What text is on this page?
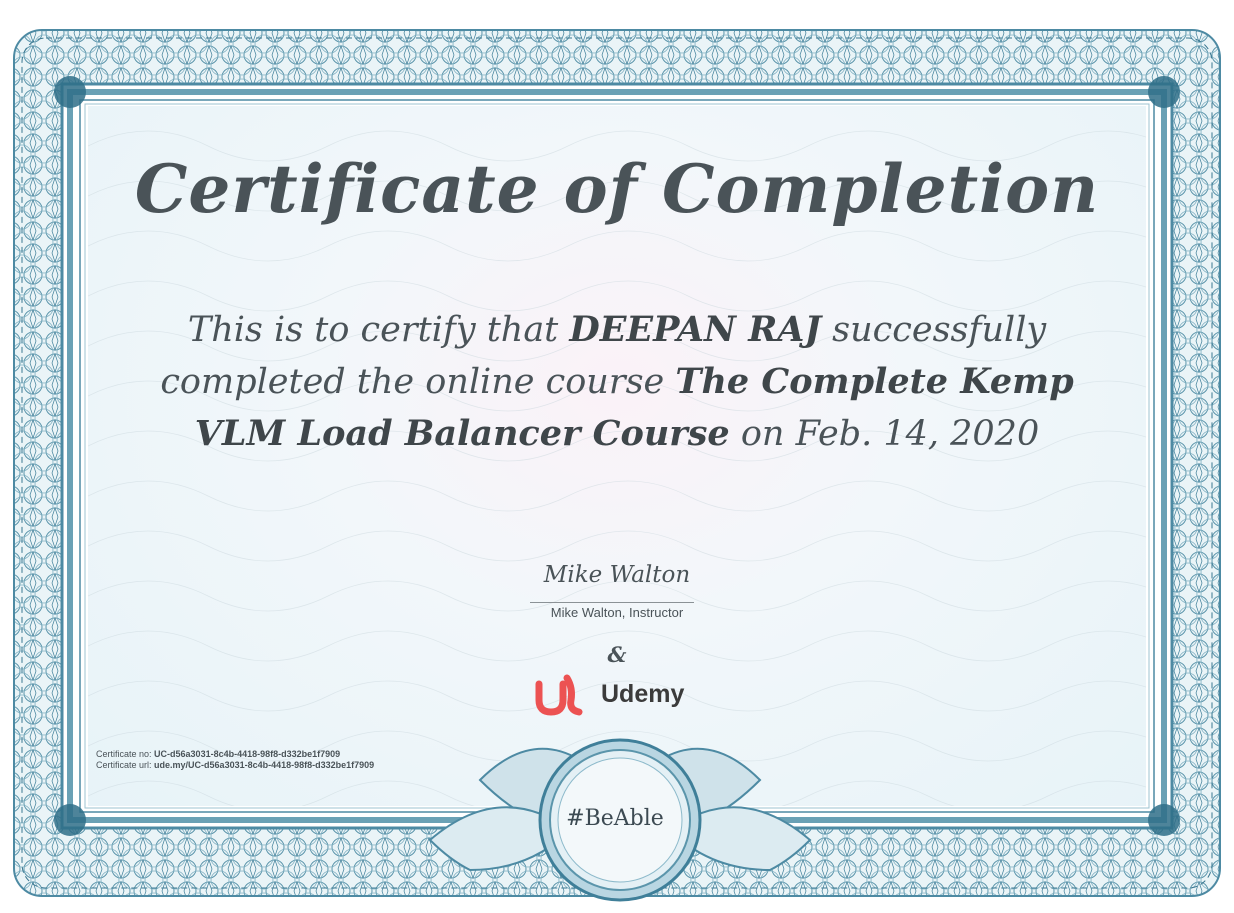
Certificate of Completion
This is to certify that DEEPAN RAJ successfully completed the online course The Complete Kemp VLM Load Balancer Course on Feb. 14, 2020
Mike Walton
Mike Walton, Instructor
&
Udemy
Certificate no: UC-d56a3031-8c4b-4418-98f8-d332be1f7909
Certificate url: ude.my/UC-d56a3031-8c4b-4418-98f8-d332be1f7909
#BeAble
